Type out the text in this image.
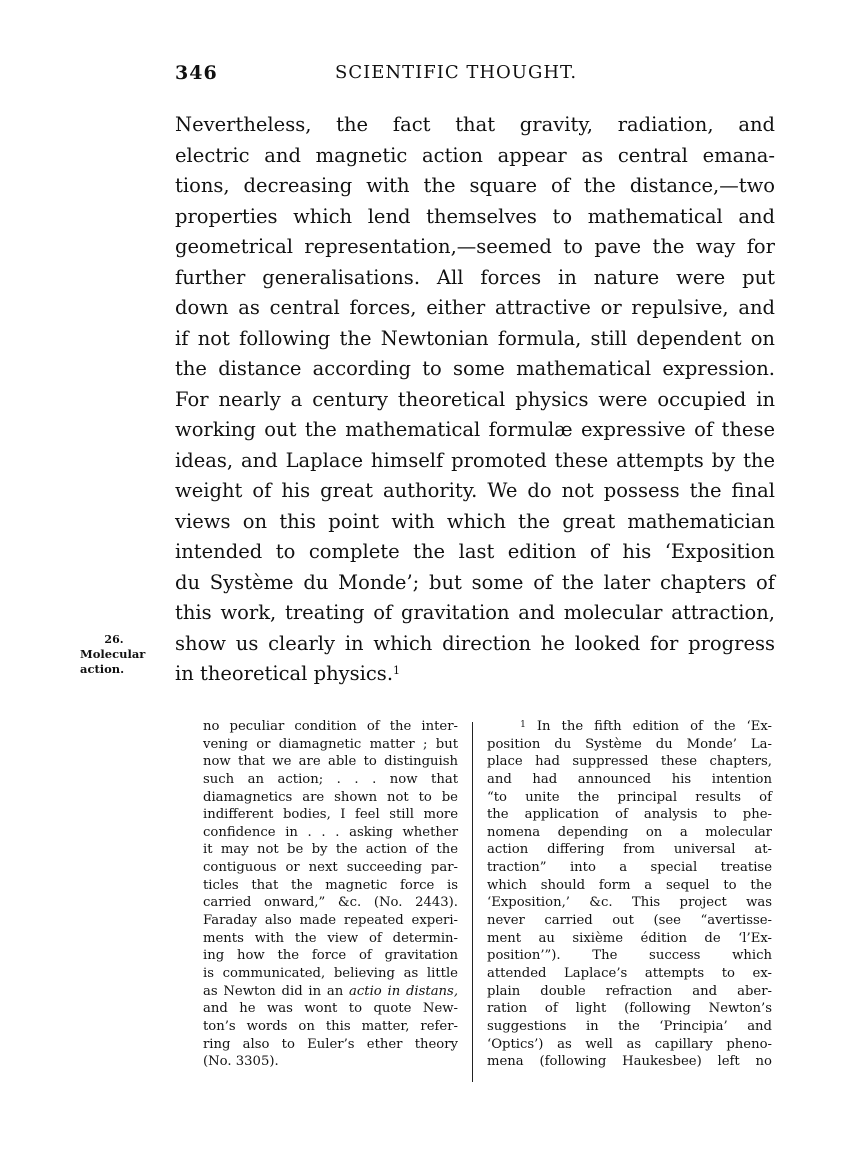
346	SCIENTIFIC THOUGHT.
Nevertheless, the fact that gravity, radiation, and
electric and magnetic action appear as central emana-
tions, decreasing with the square of the distance,—two
properties which lend themselves to mathematical and
geometrical representation,—seemed to pave the way for
further generalisations. All forces in nature were put
down as central forces, either attractive or repulsive, and
if not following the Newtonian formula, still dependent on
the distance according to some mathematical expression.
For nearly a century theoretical physics were occupied in
working out the mathematical formulæ expressive of these
ideas, and Laplace himself promoted these attempts by the
weight of his great authority. We do not possess the final
views on this point with which the great mathematician
intended to complete the last edition of his ‘Exposition
du Système du Monde’; but some of the later chapters of
this work, treating of gravitation and molecular attraction,
show us clearly in which direction he looked for progress
in theoretical physics.$^1$
26.
Molecular
action.
no peculiar condition of the inter-
vening or diamagnetic matter ; but
now that we are able to distinguish
such an action; . . . now that
diamagnetics are shown not to be
indifferent bodies, I feel still more
confidence in . . . asking whether
it may not be by the action of the
contiguous or next succeeding par-
ticles that the magnetic force is
carried onward,” &c. (No. 2443).
Faraday also made repeated experi-
ments with the view of determin-
ing how the force of gravitation
is communicated, believing as little
as Newton did in an actio in distans,
and he was wont to quote New-
ton’s words on this matter, refer-
ring also to Euler’s ether theory
(No. 3305).
$^1$ In the fifth edition of the ‘Ex-
position du Système du Monde’ La-
place had suppressed these chapters,
and had announced his intention
“to unite the principal results of
the application of analysis to phe-
nomena depending on a molecular
action differing from universal at-
traction” into a special treatise
which should form a sequel to the
‘Exposition,’ &c. This project was
never carried out (see “avertisse-
ment au sixième édition de ‘l’Ex-
position’”). The success which
attended Laplace’s attempts to ex-
plain double refraction and aber-
ration of light (following Newton’s
suggestions in the ‘Principia’ and
‘Optics’) as well as capillary pheno-
mena (following Haukesbee) left no
